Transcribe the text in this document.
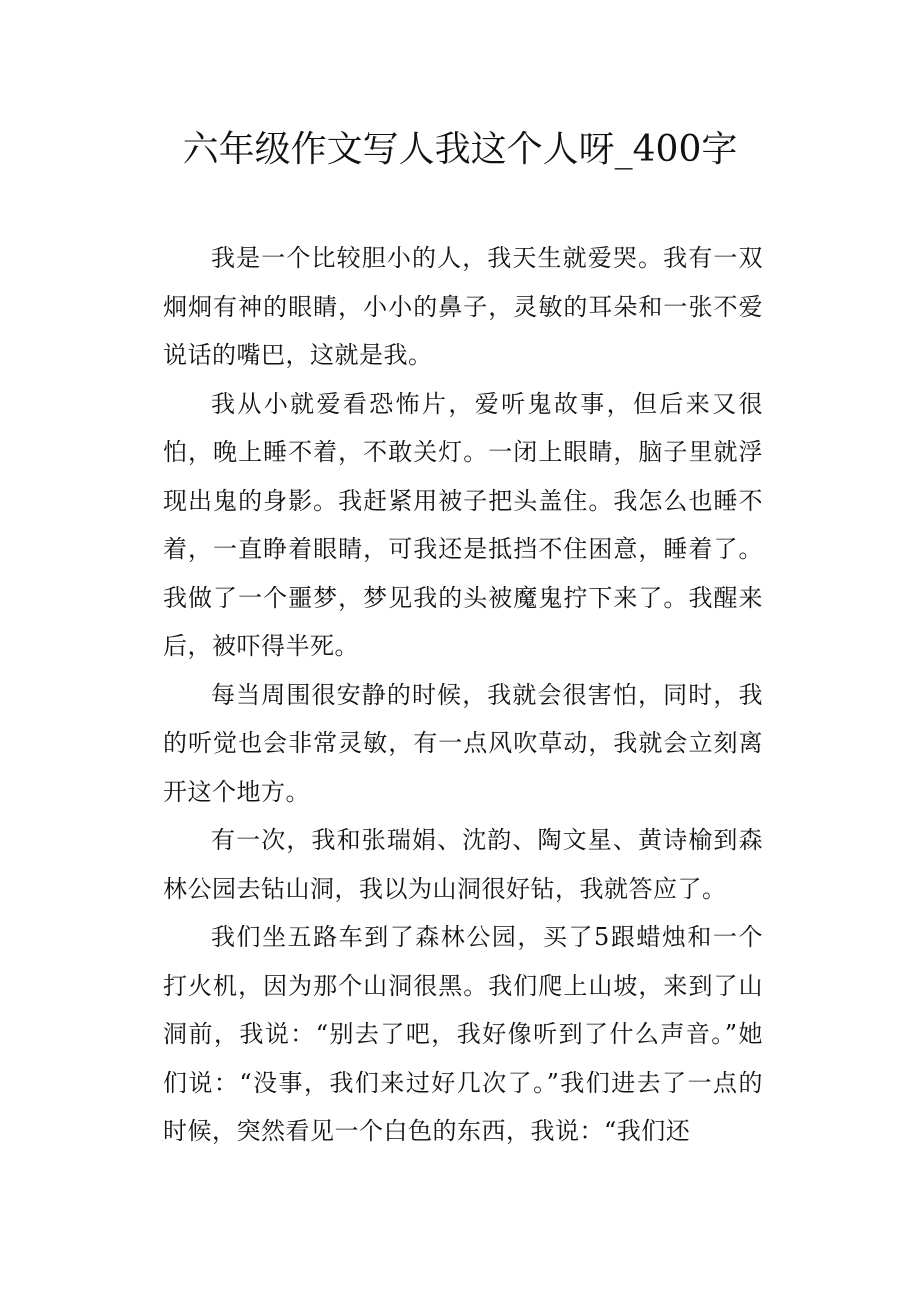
六年级作文写人我这个人呀_400字

我是一个比较胆小的人，我天生就爱哭。我有一双炯炯有神的眼睛，小小的鼻子，灵敏的耳朵和一张不爱说话的嘴巴，这就是我。

我从小就爱看恐怖片，爱听鬼故事，但后来又很怕，晚上睡不着，不敢关灯。一闭上眼睛，脑子里就浮现出鬼的身影。我赶紧用被子把头盖住。我怎么也睡不着，一直睁着眼睛，可我还是抵挡不住困意，睡着了。我做了一个噩梦，梦见我的头被魔鬼拧下来了。我醒来后，被吓得半死。

每当周围很安静的时候，我就会很害怕，同时，我的听觉也会非常灵敏，有一点风吹草动，我就会立刻离开这个地方。

有一次，我和张瑞娟、沈韵、陶文星、黄诗榆到森林公园去钻山洞，我以为山洞很好钻，我就答应了。

我们坐五路车到了森林公园，买了5跟蜡烛和一个打火机，因为那个山洞很黑。我们爬上山坡，来到了山洞前，我说：“别去了吧，我好像听到了什么声音。”她们说：“没事，我们来过好几次了。”我们进去了一点的时候，突然看见一个白色的东西，我说：“我们还
